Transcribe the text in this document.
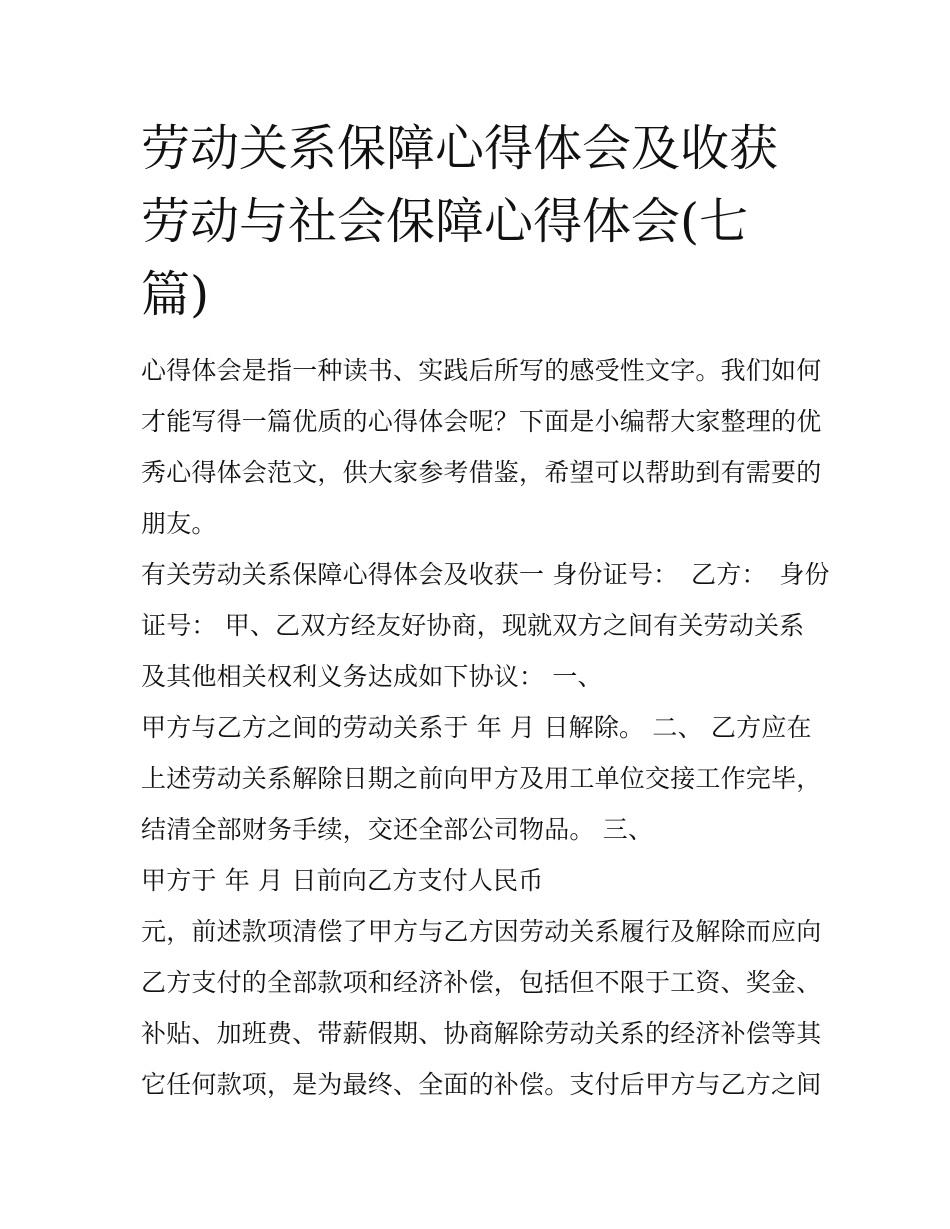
劳动关系保障心得体会及收获劳动与社会保障心得体会(七篇)
心得体会是指一种读书、实践后所写的感受性文字。我们如何
才能写得一篇优质的心得体会呢？下面是小编帮大家整理的优
秀心得体会范文，供大家参考借鉴，希望可以帮助到有需要的
朋友。
有关劳动关系保障心得体会及收获一 身份证号：　乙方：　身份
证号： 甲、乙双方经友好协商，现就双方之间有关劳动关系
及其他相关权利义务达成如下协议： 一、
甲方与乙方之间的劳动关系于 年 月 日解除。 二、 乙方应在
上述劳动关系解除日期之前向甲方及用工单位交接工作完毕，
结清全部财务手续，交还全部公司物品。 三、
甲方于 年 月 日前向乙方支付人民币
元，前述款项清偿了甲方与乙方因劳动关系履行及解除而应向
乙方支付的全部款项和经济补偿，包括但不限于工资、奖金、
补贴、加班费、带薪假期、协商解除劳动关系的经济补偿等其
它任何款项，是为最终、全面的补偿。支付后甲方与乙方之间
